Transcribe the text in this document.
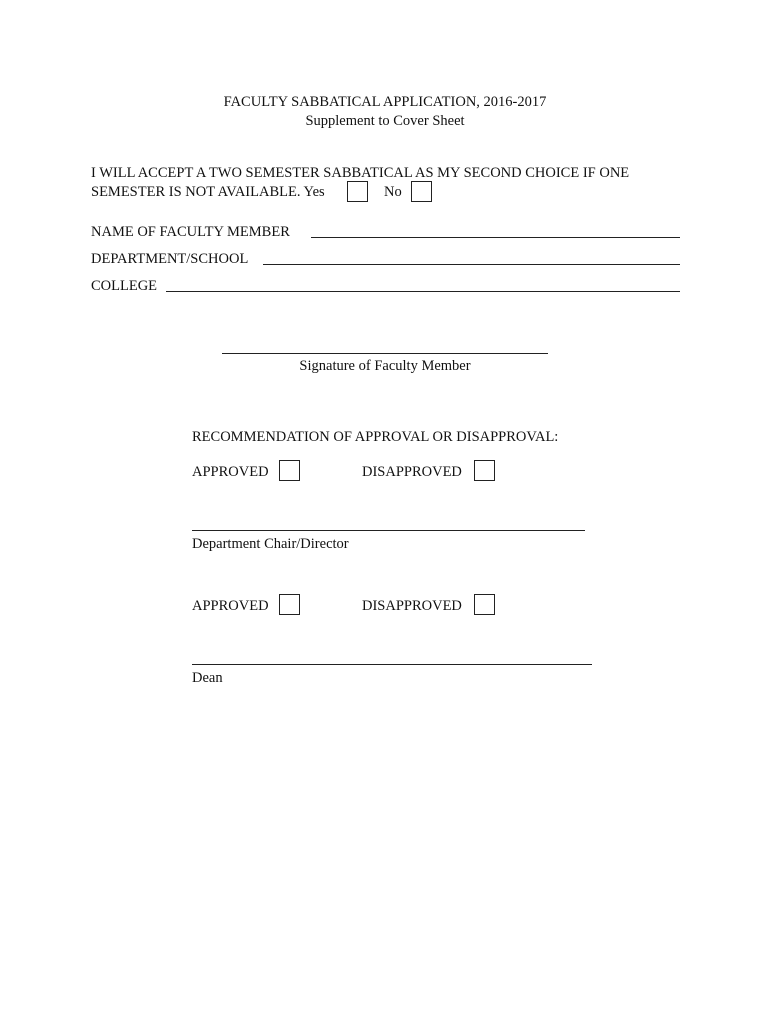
FACULTY SABBATICAL APPLICATION, 2016-2017
Supplement to Cover Sheet
I WILL ACCEPT A TWO SEMESTER SABBATICAL AS MY SECOND CHOICE IF ONE
SEMESTER IS NOT AVAILABLE. Yes	No
NAME OF FACULTY MEMBER
DEPARTMENT/SCHOOL
COLLEGE
Signature of Faculty Member
RECOMMENDATION OF APPROVAL OR DISAPPROVAL:
APPROVED	DISAPPROVED
Department Chair/Director
APPROVED	DISAPPROVED
Dean
